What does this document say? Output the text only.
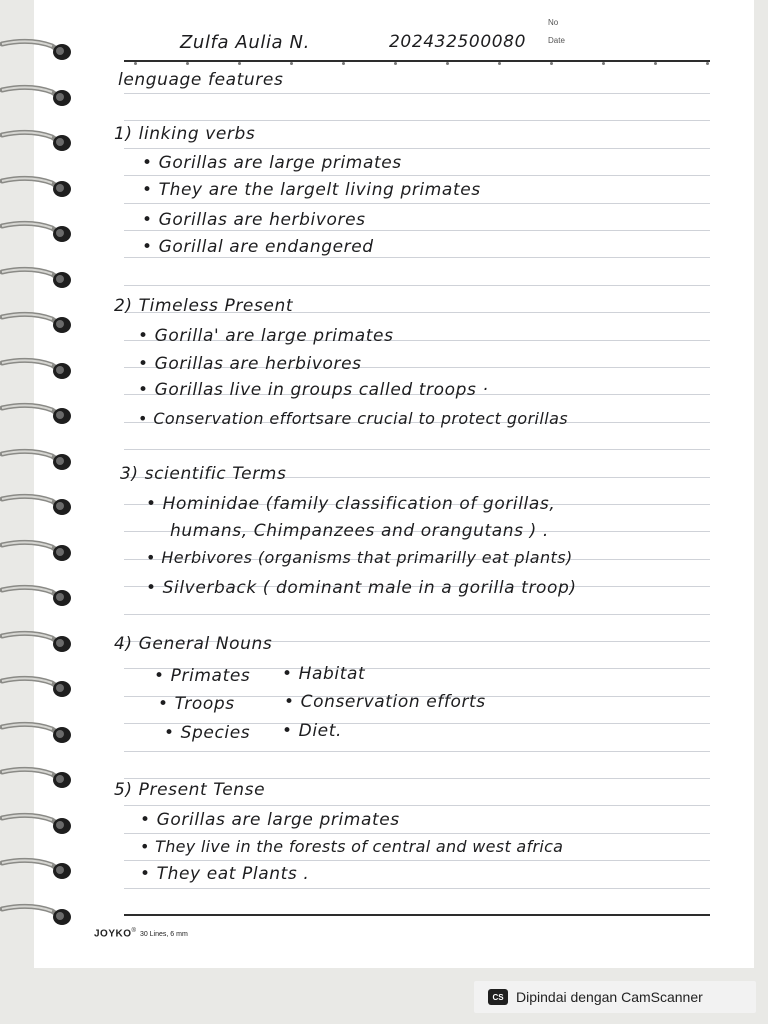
No
Date
Zulfa Aulia N.	202432500080
lenguage features
1) linking verbs
• Gorillas are large primates
• They are the largelt living primates
• Gorillas are herbivores
• Gorillal are endangered
2) Timeless Present
• Gorilla' are large primates
• Gorillas are herbivores
• Gorillas live in groups called troops ·
• Conservation effortsare crucial to protect gorillas
3) scientific Terms
• Hominidae (family classification of gorillas,
humans, Chimpanzees and orangutans ) .
• Herbivores (organisms that primarilly eat plants)
• Silverback ( dominant male in a gorilla troop)
4) General Nouns
• Primates • Habitat
• Troops	• Conservation efforts
• Species • Diet.
5) Present Tense
• Gorillas are large primates
• They live in the forests of central and west africa
• They eat Plants .
JOYKO®30 Lines, 6 mm
CS Dipindai dengan CamScanner
